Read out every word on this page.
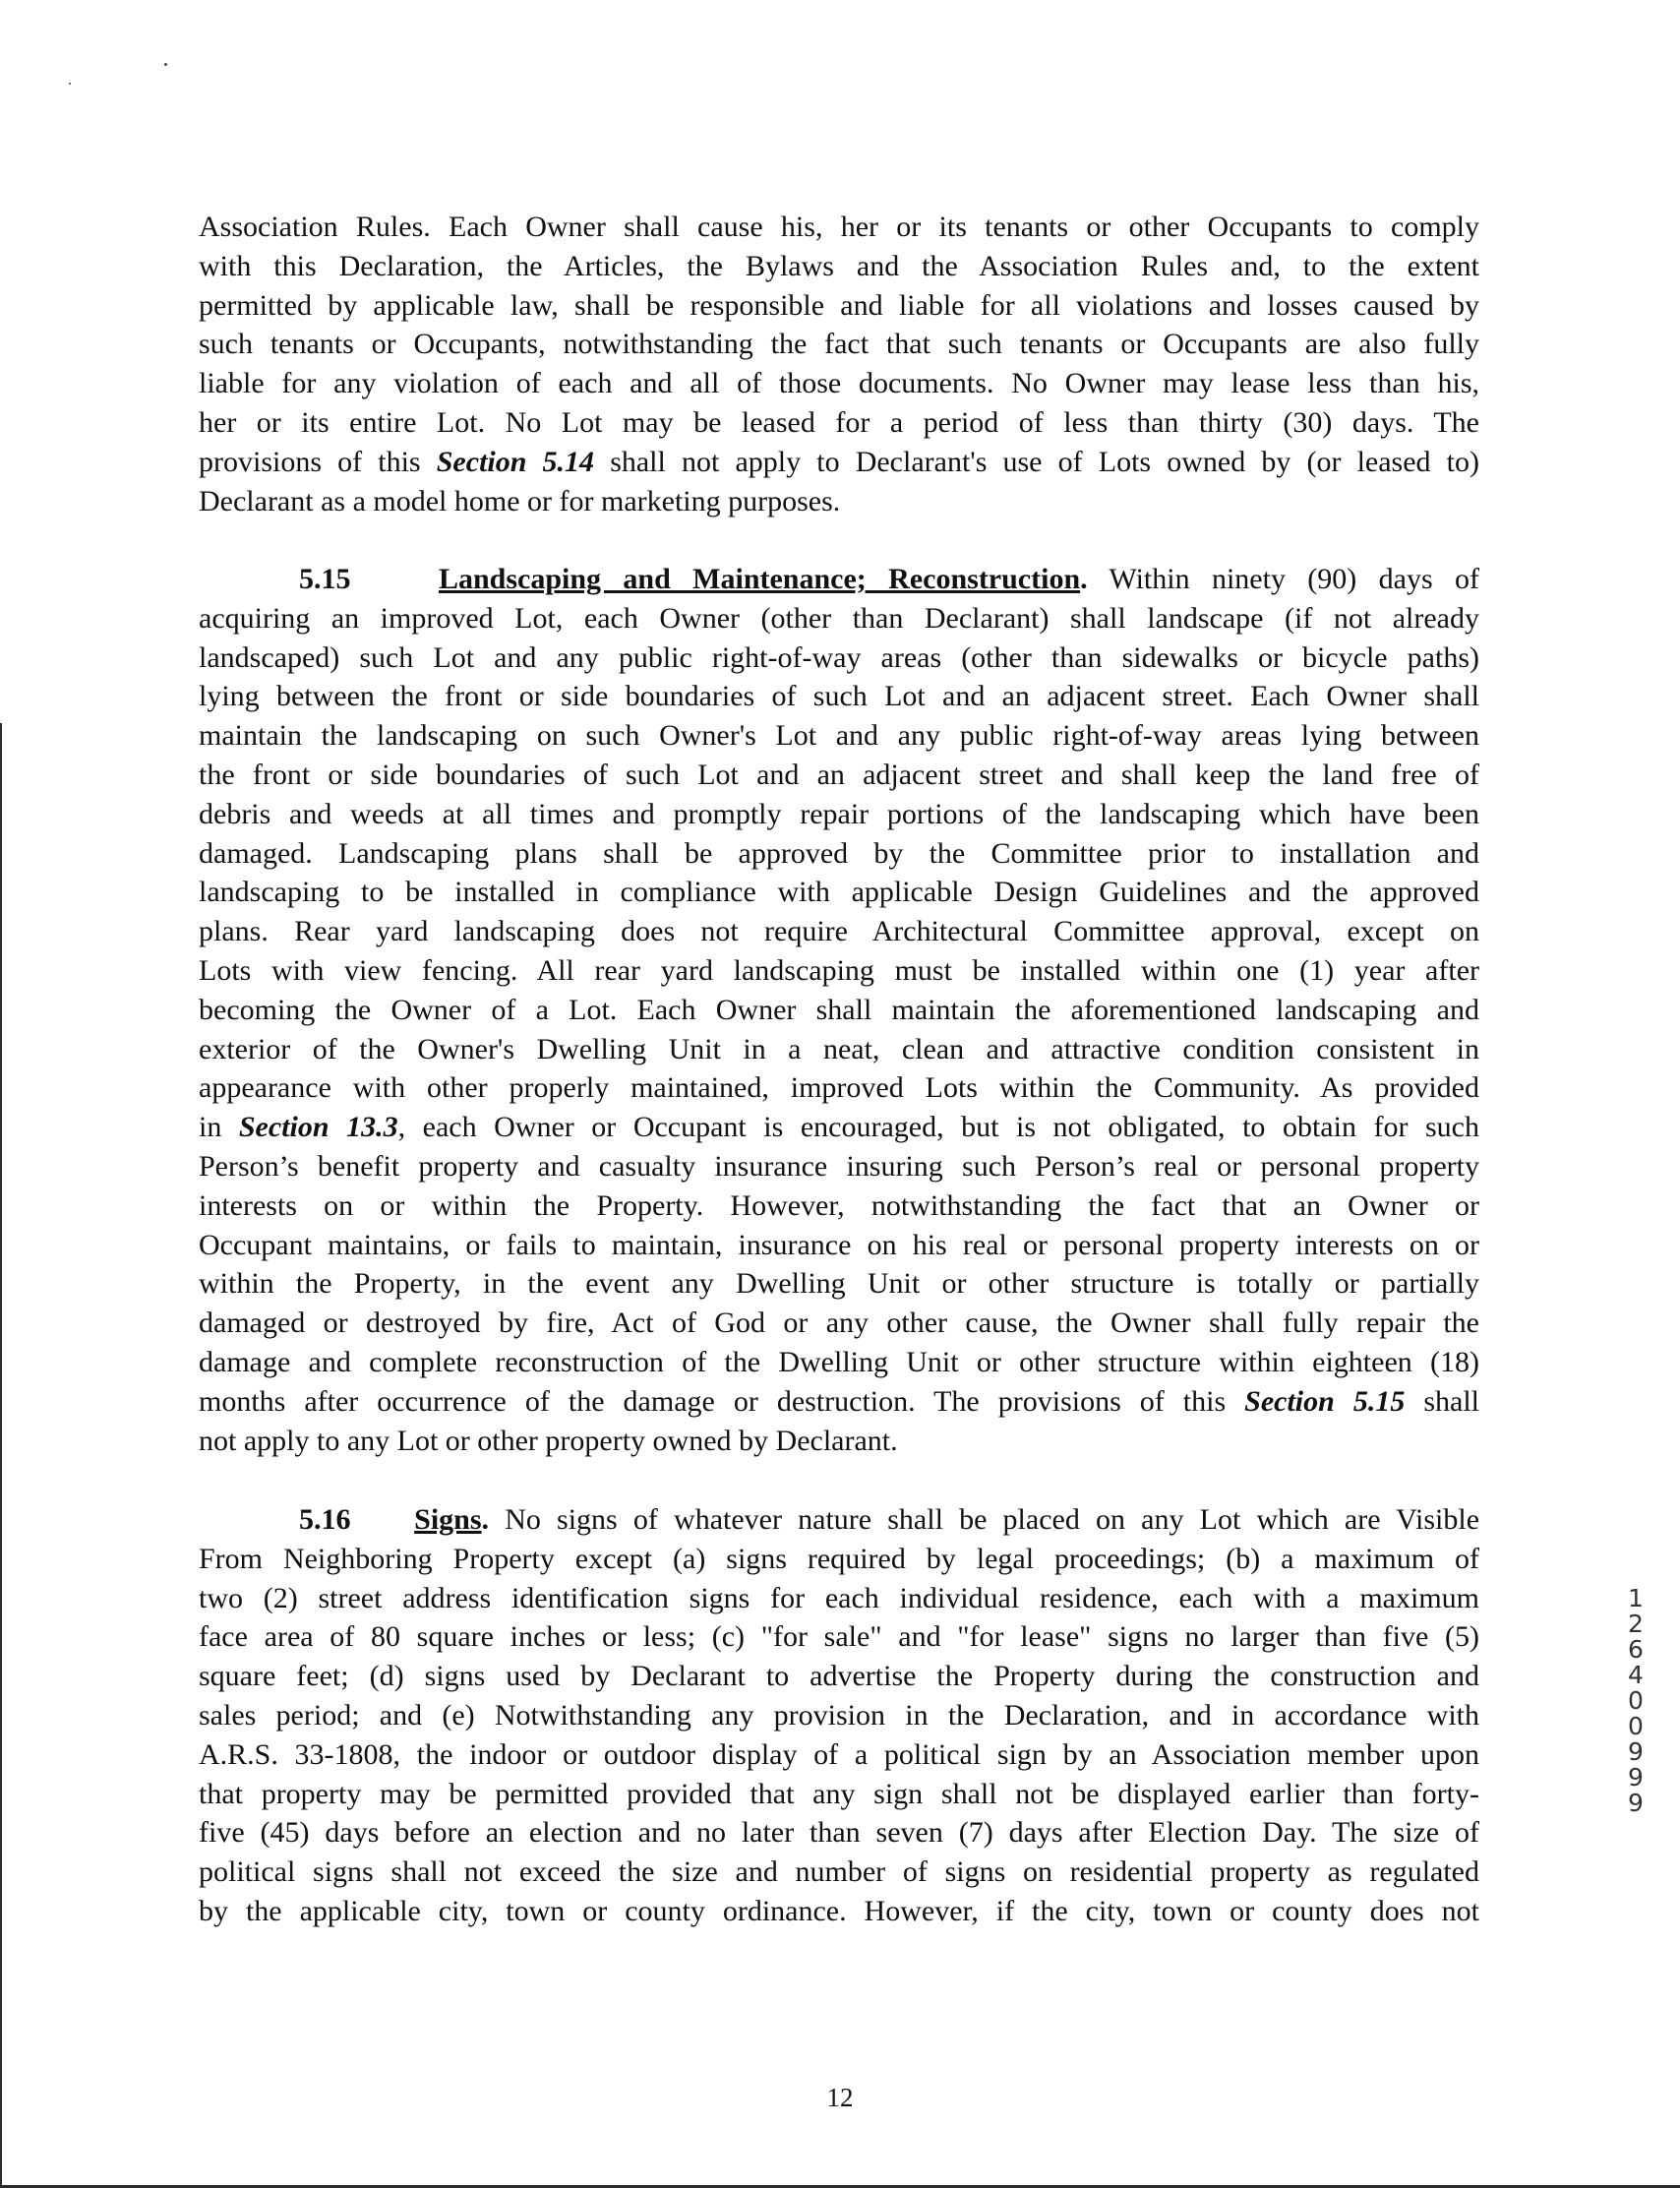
Association Rules. Each Owner shall cause his, her or its tenants or other Occupants to comply
with this Declaration, the Articles, the Bylaws and the Association Rules and, to the extent
permitted by applicable law, shall be responsible and liable for all violations and losses caused by
such tenants or Occupants, notwithstanding the fact that such tenants or Occupants are also fully
liable for any violation of each and all of those documents. No Owner may lease less than his,
her or its entire Lot. No Lot may be leased for a period of less than thirty (30) days. The
provisions of this Section 5.14 shall not apply to Declarant's use of Lots owned by (or leased to)
Declarant as a model home or for marketing purposes.
5.15	Landscaping and Maintenance; Reconstruction. Within ninety (90) days of
acquiring an improved Lot, each Owner (other than Declarant) shall landscape (if not already
landscaped) such Lot and any public right-of-way areas (other than sidewalks or bicycle paths)
lying between the front or side boundaries of such Lot and an adjacent street. Each Owner shall
maintain the landscaping on such Owner's Lot and any public right-of-way areas lying between
the front or side boundaries of such Lot and an adjacent street and shall keep the land free of
debris and weeds at all times and promptly repair portions of the landscaping which have been
damaged. Landscaping plans shall be approved by the Committee prior to installation and
landscaping to be installed in compliance with applicable Design Guidelines and the approved
plans. Rear yard landscaping does not require Architectural Committee approval, except on
Lots with view fencing. All rear yard landscaping must be installed within one (1) year after
becoming the Owner of a Lot. Each Owner shall maintain the aforementioned landscaping and
exterior of the Owner's Dwelling Unit in a neat, clean and attractive condition consistent in
appearance with other properly maintained, improved Lots within the Community. As provided
in Section 13.3, each Owner or Occupant is encouraged, but is not obligated, to obtain for such
Person’s benefit property and casualty insurance insuring such Person’s real or personal property
interests on or within the Property. However, notwithstanding the fact that an Owner or
Occupant maintains, or fails to maintain, insurance on his real or personal property interests on or
within the Property, in the event any Dwelling Unit or other structure is totally or partially
damaged or destroyed by fire, Act of God or any other cause, the Owner shall fully repair the
damage and complete reconstruction of the Dwelling Unit or other structure within eighteen (18)
months after occurrence of the damage or destruction. The provisions of this Section 5.15 shall
not apply to any Lot or other property owned by Declarant.
5.16 Signs. No signs of whatever nature shall be placed on any Lot which are Visible
From Neighboring Property except (a) signs required by legal proceedings; (b) a maximum of
two (2) street address identification signs for each individual residence, each with a maximum
face area of 80 square inches or less; (c) "for sale" and "for lease" signs no larger than five (5)
square feet; (d) signs used by Declarant to advertise the Property during the construction and
sales period; and (e) Notwithstanding any provision in the Declaration, and in accordance with
A.R.S. 33-1808, the indoor or outdoor display of a political sign by an Association member upon
that property may be permitted provided that any sign shall not be displayed earlier than forty-
five (45) days before an election and no later than seven (7) days after Election Day. The size of
political signs shall not exceed the size and number of signs on residential property as regulated
by the applicable city, town or county ordinance. However, if the city, town or county does not
12640 0999
12
